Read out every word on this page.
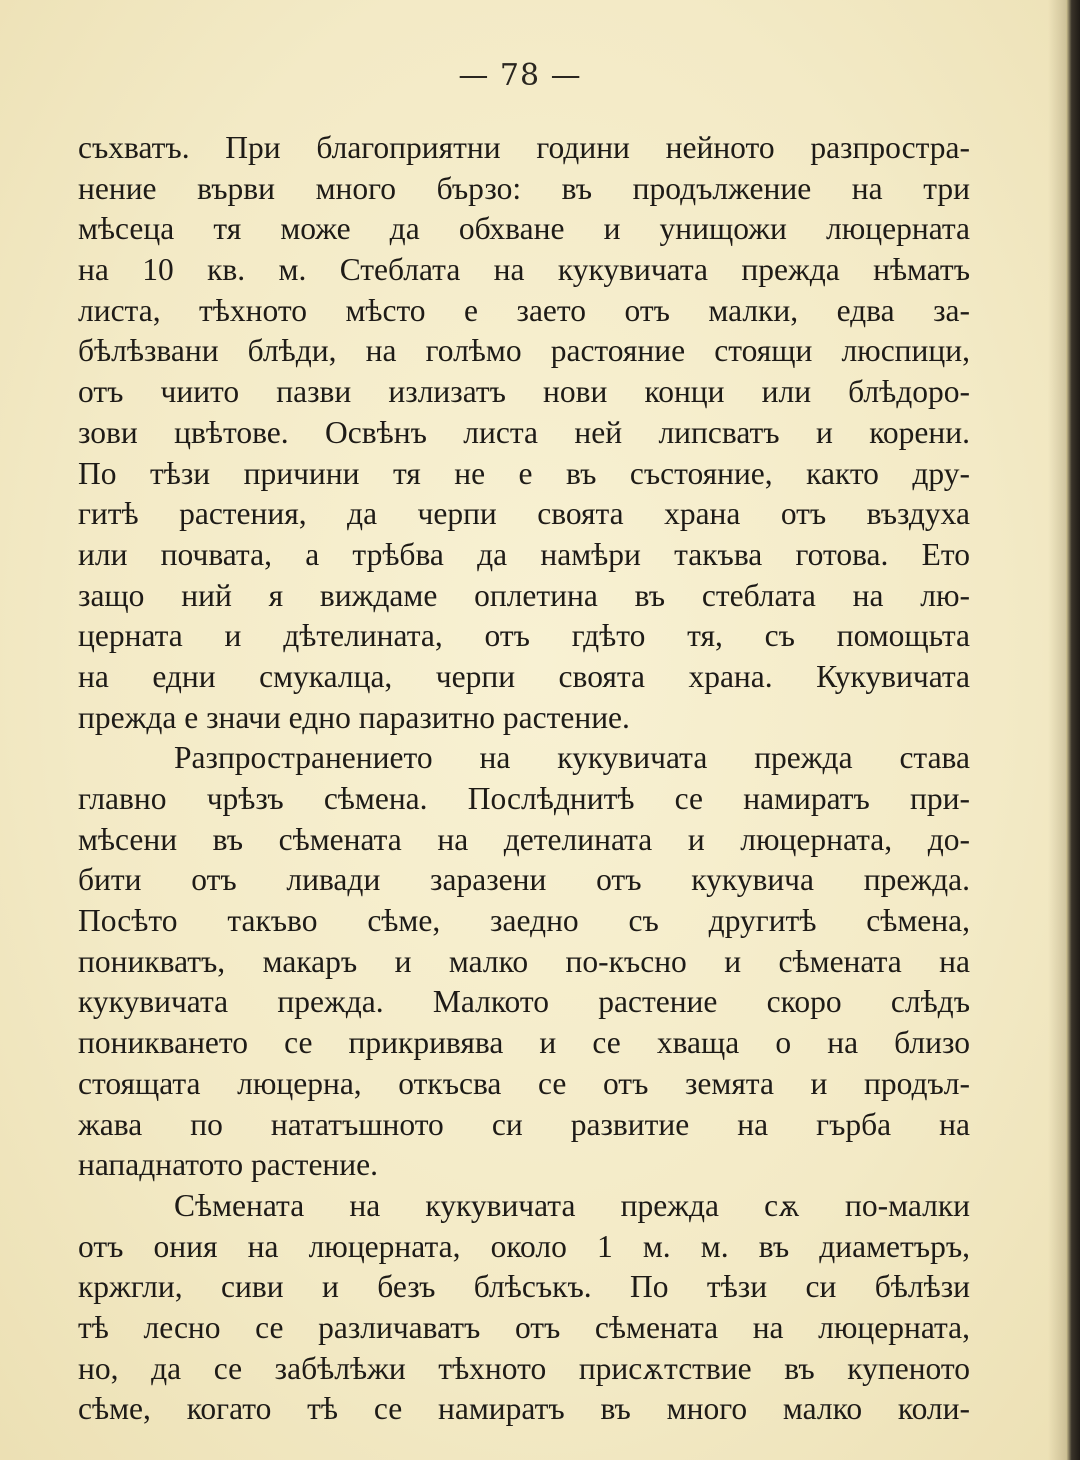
— 78 —
съхватъ. При благоприятни години нейното разпростра-
нение върви много бързо: въ продължение на три
мѣсеца тя може да обхване и унищожи люцерната
на 10 кв. м. Стеблата на кукувичата прежда нѣматъ
листа, тѣхното мѣсто е заето отъ малки, едва за-
бѣлѣзвани блѣди, на голѣмо растояние стоящи люспици,
отъ чиито пазви излизатъ нови конци или блѣдоро-
зови цвѣтове. Освѣнъ листа ней липсватъ и корени.
По тѣзи причини тя не е въ състояние, както дру-
гитѣ растения, да черпи своята храна отъ въздуха
или почвата, а трѣбва да намѣри такъва готова. Ето
защо ний я виждаме оплетина въ стеблата на лю-
церната и дѣтелината, отъ гдѣто тя, съ помощьта
на едни смукалца, черпи своята храна. Кукувичата
прежда е значи едно паразитно растение.
Разпространението на кукувичата прежда става
главно чрѣзъ сѣмена. Послѣднитѣ се намиратъ при-
мѣсени въ сѣмената на детелината и люцерната, до-
бити отъ ливади заразени отъ кукувича прежда.
Посѣто такъво сѣме, заедно съ другитѣ сѣмена,
поникватъ, макаръ и малко по-късно и сѣмената на
кукувичата прежда. Малкото растение скоро слѣдъ
поникването се прикривява и се хваща о на близо
стоящата люцерна, откъсва се отъ земята и продъл-
жава по нататъшното си развитие на гърба на
нападнатото растение.
Сѣмената на кукувичата прежда сѫ по-малки
отъ ония на люцерната, около 1 м. м. въ диаметъръ,
кржгли, сиви и безъ блѣсъкъ. По тѣзи си бѣлѣзи
тѣ лесно се различаватъ отъ сѣмената на люцерната,
но, да се забѣлѣжи тѣхното присѫтствие въ купеното
сѣме, когато тѣ се намиратъ въ много малко коли-
